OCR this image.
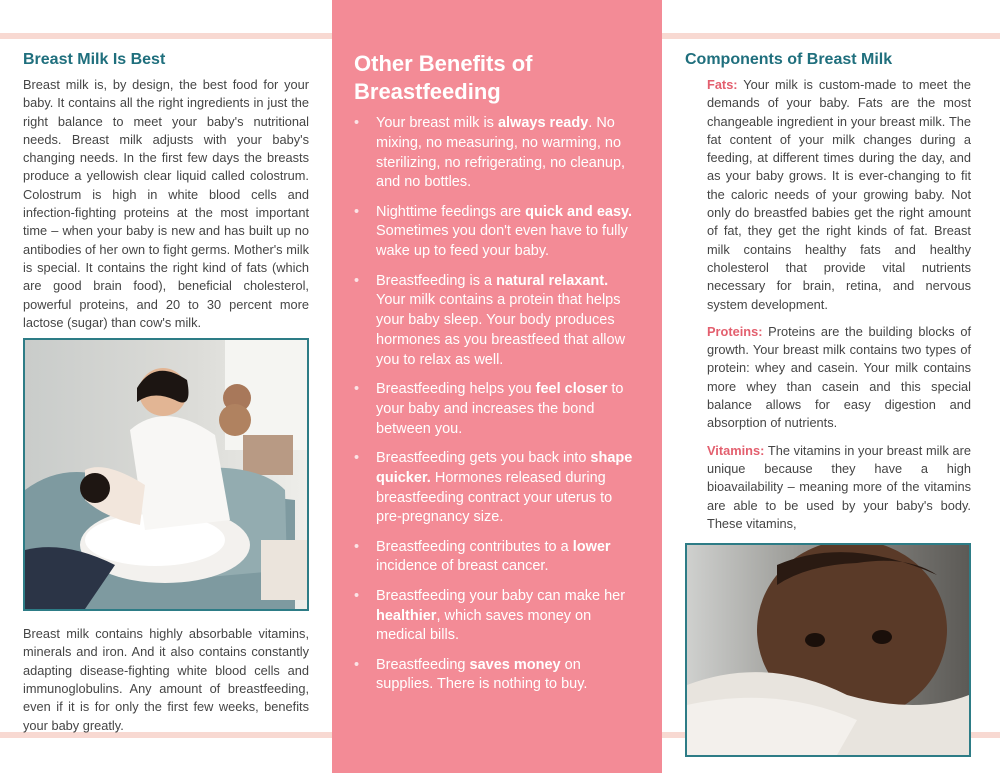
Breast Milk Is Best

Breast milk is, by design, the best food for your baby. It contains all the right ingredients in just the right balance to meet your baby's nutritional needs. Breast milk adjusts with your baby's changing needs. In the first few days the breasts produce a yellowish clear liquid called colostrum. Colostrum is high in white blood cells and infection-fighting proteins at the most important time – when your baby is new and has built up no antibodies of her own to fight germs. Mother's milk is special. It contains the right kind of fats (which are good brain food), beneficial cholesterol, powerful proteins, and 20 to 30 percent more lactose (sugar) than cow's milk.

Breast milk contains highly absorbable vitamins, minerals and iron. And it also contains constantly adapting disease-fighting white blood cells and immunoglobulins. Any amount of breastfeeding, even if it is for only the first few weeks, benefits your baby greatly.

Other Benefits of
Breastfeeding
• Your breast milk is always ready. No mixing, no measuring, no warming, no sterilizing, no refrigerating, no cleanup, and no bottles.
• Nighttime feedings are quick and easy. Sometimes you don't even have to fully wake up to feed your baby.
• Breastfeeding is a natural relaxant. Your milk contains a protein that helps your baby sleep. Your body produces hormones as you breastfeed that allow you to relax as well.
• Breastfeeding helps you feel closer to your baby and increases the bond between you.
• Breastfeeding gets you back into shape quicker. Hormones released during breastfeeding contract your uterus to pre-pregnancy size.
• Breastfeeding contributes to a lower incidence of breast cancer.
• Breastfeeding your baby can make her healthier, which saves money on medical bills.
• Breastfeeding saves money on supplies. There is nothing to buy.
Components of Breast Milk

Fats: Your milk is custom-made to meet the demands of your baby. Fats are the most changeable ingredient in your breast milk. The fat content of your milk changes during a feeding, at different times during the day, and as your baby grows. It is ever-changing to fit the caloric needs of your growing baby. Not only do breastfed babies get the right amount of fat, they get the right kinds of fat. Breast milk contains healthy fats and healthy cholesterol that provide vital nutrients necessary for brain, retina, and nervous system development.

Proteins: Proteins are the building blocks of growth. Your breast milk contains two types of protein: whey and casein. Your milk contains more whey than casein and this special balance allows for easy digestion and absorption of nutrients.

Vitamins: The vitamins in your breast milk are unique because they have a high bioavailability – meaning more of the vitamins are able to be used by your baby's body. These vitamins,
